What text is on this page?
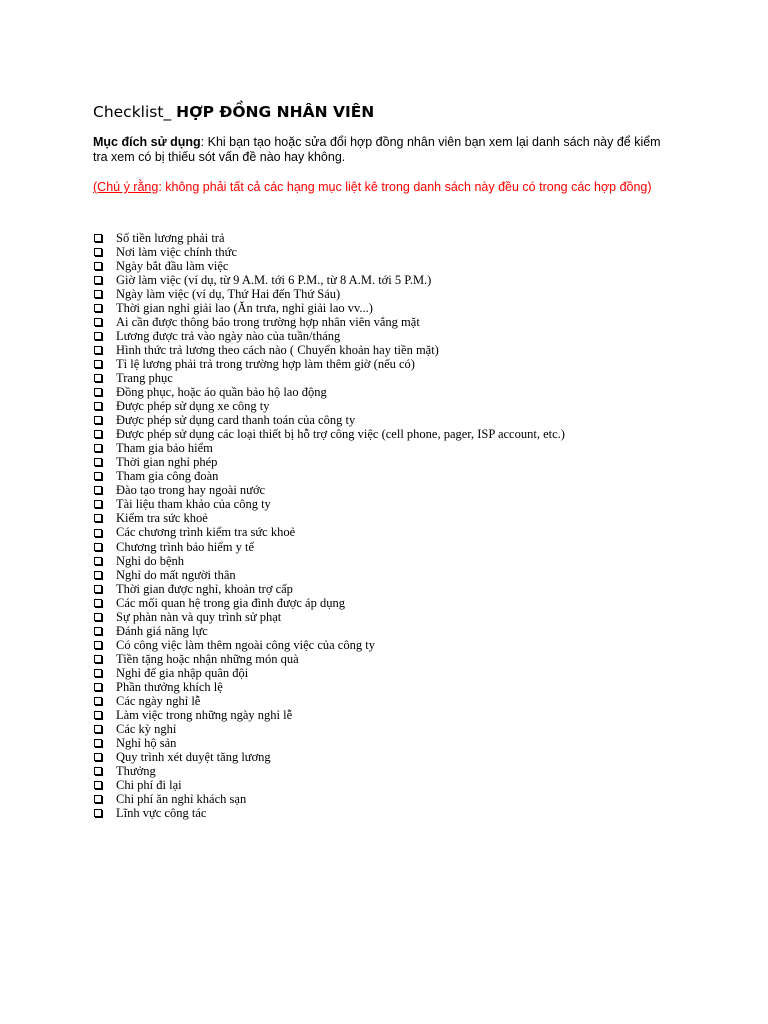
Checklist_ HỢP ĐỒNG NHÂN VIÊN

Mục đích sử dụng: Khi bạn tạo hoặc sửa đổi hợp đồng nhân viên bạn xem lại danh sách này để kiểm tra xem có bị thiếu sót vấn đề nào hay không.

(Chú ý rằng: không phải tất cả các hạng mục liệt kê trong danh sách này đều có trong các hợp đồng)

Số tiền lương phải trả
Nơi làm việc chính thức
Ngày bắt đầu làm việc
Giờ làm việc (ví dụ, từ 9 A.M. tới 6 P.M., từ 8 A.M. tới 5 P.M.)
Ngày làm việc (ví dụ, Thứ Hai đến Thứ Sáu)
Thời gian nghỉ giải lao (Ăn trưa, nghỉ giải lao vv...)
Ai cần được thông báo trong trường hợp nhân viên vắng mặt
Lương được trả vào ngày nào của tuần/tháng
Hình thức trả lương theo cách nào ( Chuyển khoản hay tiền mặt)
Tỉ lệ lương phải trả trong trường hợp làm thêm giờ (nếu có)
Trang phục
Đồng phục, hoặc áo quần bảo hộ lao động
Được phép sử dụng xe công ty
Được phép sử dụng card thanh toán của công ty
Được phép sử dụng các loại thiết bị hỗ trợ công việc (cell phone, pager, ISP account, etc.)
Tham gia bảo hiểm
Thời gian nghỉ phép
Tham gia công đoàn
Đào tạo trong hay ngoài nước
Tài liệu tham khảo của công ty
Kiểm tra sức khoẻ
Các chương trình kiểm tra sức khoẻ
Chương trình bảo hiểm y tế
Nghỉ do bệnh
Nghỉ do mất người thân
Thời gian được nghỉ, khoản trợ cấp
Các mối quan hệ trong gia đình được áp dụng
Sự phàn nàn và quy trình sử phạt
Đánh giá năng lực
Có công việc làm thêm ngoài công việc của công ty
Tiền tặng hoặc nhận những món quà
Nghỉ để gia nhập quân đội
Phần thưởng khích lệ
Các ngày nghỉ lễ
Làm việc trong những ngày nghỉ lễ
Các kỳ nghỉ
Nghỉ hộ sản
Quy trình xét duyệt tăng lương
Thưởng
Chi phí đi lại
Chi phí ăn nghỉ khách sạn
Lĩnh vực công tác
